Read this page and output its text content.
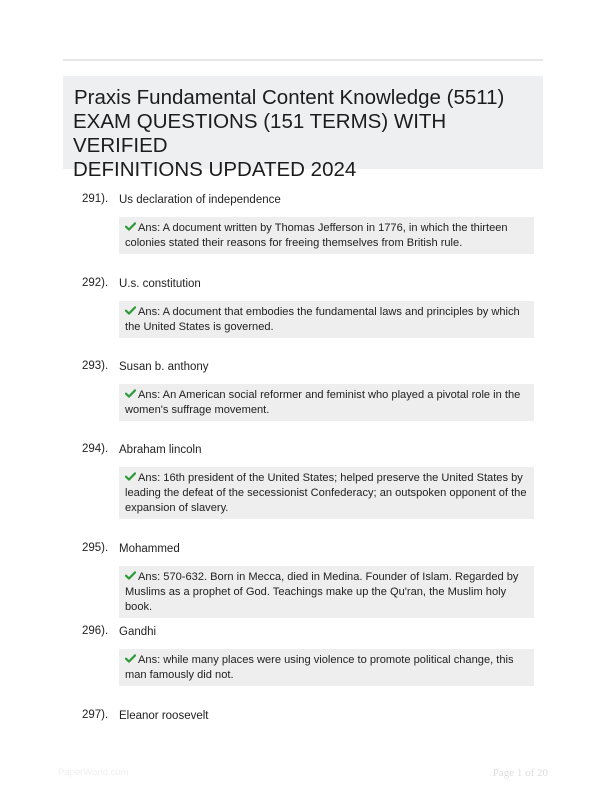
Praxis Fundamental Content Knowledge (5511)
EXAM QUESTIONS (151 TERMS) WITH VERIFIED
DEFINITIONS UPDATED 2024
291). Us declaration of independence
Ans: A document written by Thomas Jefferson in 1776, in which the thirteen colonies stated their reasons for freeing themselves from British rule.
292). U.s. constitution
Ans: A document that embodies the fundamental laws and principles by which the United States is governed.
293). Susan b. anthony
Ans: An American social reformer and feminist who played a pivotal role in the women's suffrage movement.
294). Abraham lincoln
Ans: 16th president of the United States; helped preserve the United States by leading the defeat of the secessionist Confederacy; an outspoken opponent of the expansion of slavery.
295). Mohammed
Ans: 570-632. Born in Mecca, died in Medina. Founder of Islam. Regarded by Muslims as a prophet of God. Teachings make up the Qu'ran, the Muslim holy book.
296). Gandhi
Ans: while many places were using violence to promote political change, this man famously did not.
297). Eleanor roosevelt
PaperWorld.com	Page 1 of 20
